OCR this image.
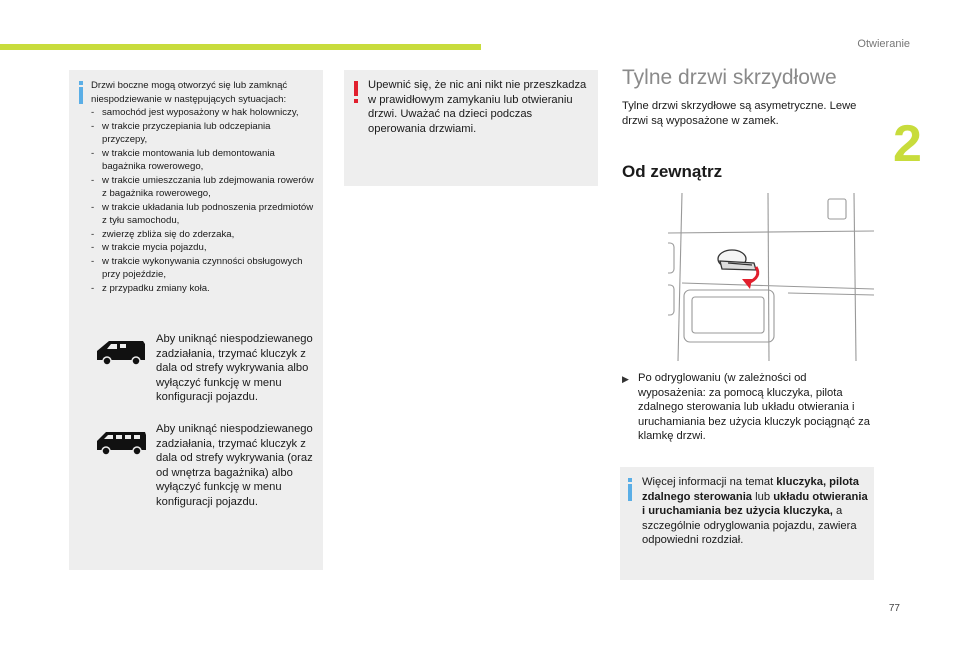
Otwieranie
2
Drzwi boczne mogą otworzyć się lub zamknąć niespodziewanie w następujących sytuacjach:
- samochód jest wyposażony w hak holowniczy,
- w trakcie przyczepiania lub odczepiania przyczepy,
- w trakcie montowania lub demontowania bagażnika rowerowego,
- w trakcie umieszczania lub zdejmowania rowerów z bagażnika rowerowego,
- w trakcie układania lub podnoszenia przedmiotów z tyłu samochodu,
- zwierzę zbliża się do zderzaka,
- w trakcie mycia pojazdu,
- w trakcie wykonywania czynności obsługowych przy pojeździe,
- z przypadku zmiany koła.
Aby uniknąć niespodziewanego zadziałania, trzymać kluczyk z dala od strefy wykrywania albo wyłączyć funkcję w menu konfiguracji pojazdu.
Aby uniknąć niespodziewanego zadziałania, trzymać kluczyk z dala od strefy wykrywania (oraz od wnętrza bagażnika) albo wyłączyć funkcję w menu konfiguracji pojazdu.
Upewnić się, że nic ani nikt nie przeszkadza w prawidłowym zamykaniu lub otwieraniu drzwi. Uważać na dzieci podczas operowania drzwiami.
Tylne drzwi skrzydłowe
Tylne drzwi skrzydłowe są asymetryczne. Lewe drzwi są wyposażone w zamek.
Od zewnątrz
▶ Po odryglowaniu (w zależności od wyposażenia: za pomocą kluczyka, pilota zdalnego sterowania lub układu otwierania i uruchamiania bez użycia kluczyk pociągnąć za klamkę drzwi.
Więcej informacji na temat kluczyka, pilota zdalnego sterowania lub układu otwierania i uruchamiania bez użycia kluczyka, a szczególnie odryglowania pojazdu, zawiera odpowiedni rozdział.
77
